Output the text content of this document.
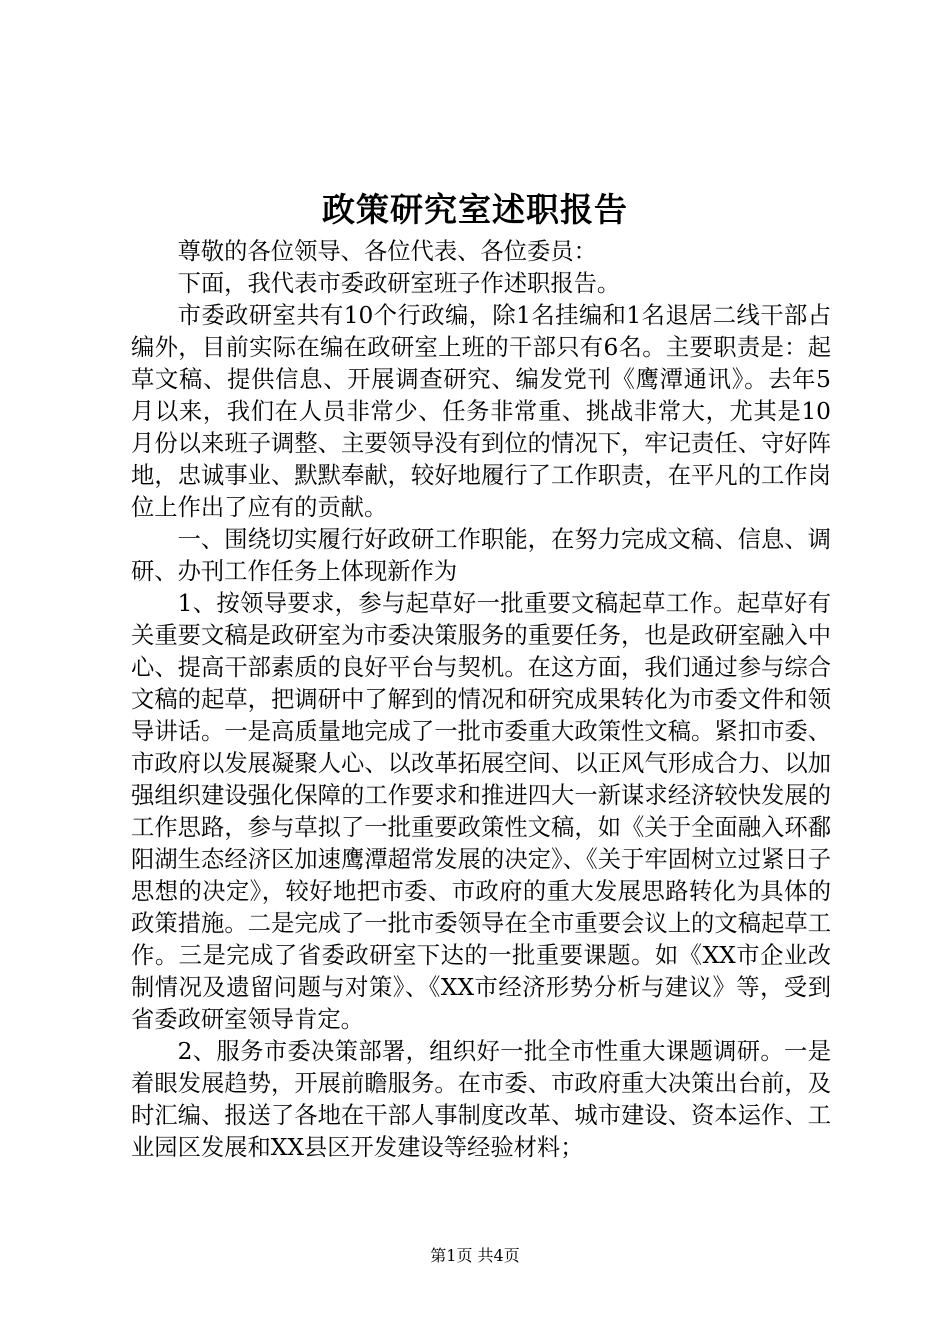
政策研究室述职报告

尊敬的各位领导、各位代表、各位委员：

下面，我代表市委政研室班子作述职报告。

市委政研室共有10个行政编，除1名挂编和1名退居二线干部占编外，目前实际在编在政研室上班的干部只有6名。主要职责是：起草文稿、提供信息、开展调查研究、编发党刊《鹰潭通讯》。去年5月以来，我们在人员非常少、任务非常重、挑战非常大，尤其是10月份以来班子调整、主要领导没有到位的情况下，牢记责任、守好阵地，忠诚事业、默默奉献，较好地履行了工作职责，在平凡的工作岗位上作出了应有的贡献。

一、围绕切实履行好政研工作职能，在努力完成文稿、信息、调研、办刊工作任务上体现新作为

1、按领导要求，参与起草好一批重要文稿起草工作。起草好有关重要文稿是政研室为市委决策服务的重要任务，也是政研室融入中心、提高干部素质的良好平台与契机。在这方面，我们通过参与综合文稿的起草，把调研中了解到的情况和研究成果转化为市委文件和领导讲话。一是高质量地完成了一批市委重大政策性文稿。紧扣市委、市政府以发展凝聚人心、以改革拓展空间、以正风气形成合力、以加强组织建设强化保障的工作要求和推进四大一新谋求经济较快发展的工作思路，参与草拟了一批重要政策性文稿，如《关于全面融入环鄱阳湖生态经济区加速鹰潭超常发展的决定》、《关于牢固树立过紧日子思想的决定》，较好地把市委、市政府的重大发展思路转化为具体的政策措施。二是完成了一批市委领导在全市重要会议上的文稿起草工作。三是完成了省委政研室下达的一批重要课题。如《XX市企业改制情况及遗留问题与对策》、《XX市经济形势分析与建议》等，受到省委政研室领导肯定。

2、服务市委决策部署，组织好一批全市性重大课题调研。一是着眼发展趋势，开展前瞻服务。在市委、市政府重大决策出台前，及时汇编、报送了各地在干部人事制度改革、城市建设、资本运作、工业园区发展和XX县区开发建设等经验材料；

第1页 共4页
